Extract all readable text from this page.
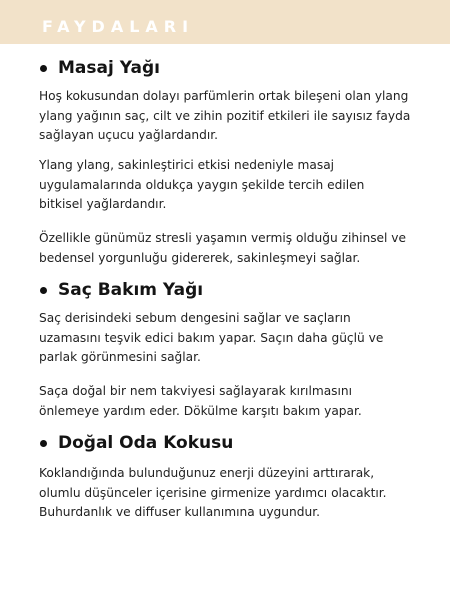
FAYDALARI
Masaj Yağı
Hoş kokusundan dolayı parfümlerin ortak bileşeni olan ylang
ylang yağının saç, cilt ve zihin pozitif etkileri ile sayısız fayda
sağlayan uçucu yağlardandır.
Ylang ylang, sakinleştirici etkisi nedeniyle masaj
uygulamalarında oldukça yaygın şekilde tercih edilen
bitkisel yağlardandır.
Özellikle günümüz stresli yaşamın vermiş olduğu zihinsel ve
bedensel yorgunluğu gidererek, sakinleşmeyi sağlar.
Saç Bakım Yağı
Saç derisindeki sebum dengesini sağlar ve saçların
uzamasını teşvik edici bakım yapar. Saçın daha güçlü ve
parlak görünmesini sağlar.
Saça doğal bir nem takviyesi sağlayarak kırılmasını
önlemeye yardım eder. Dökülme karşıtı bakım yapar.
Doğal Oda Kokusu
Koklandığında bulunduğunuz enerji düzeyini arttırarak,
olumlu düşünceler içerisine girmenize yardımcı olacaktır.
Buhurdanlık ve diffuser kullanımına uygundur.
